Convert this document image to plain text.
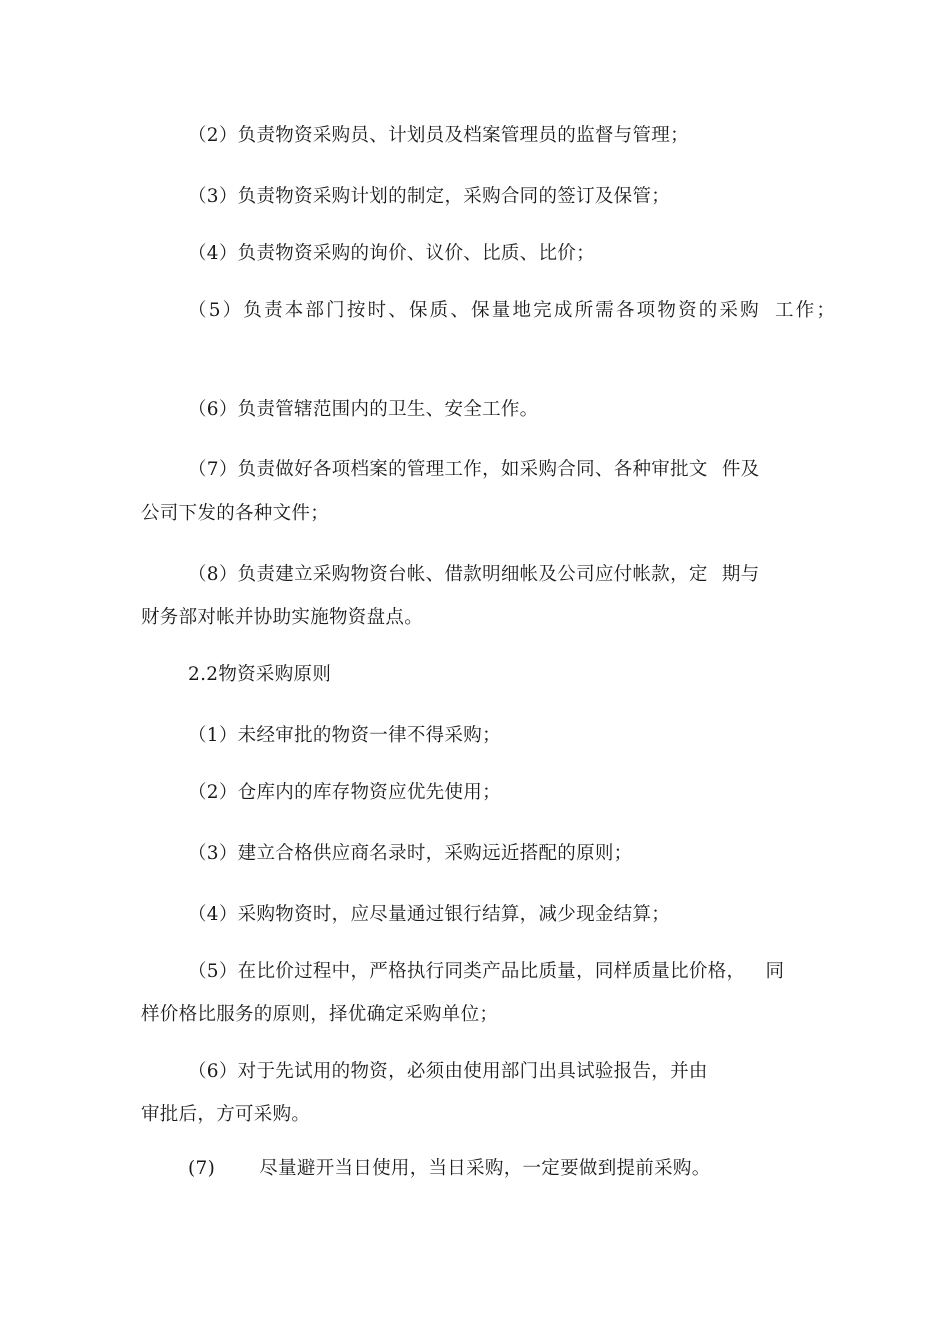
（2）负责物资采购员、计划员及档案管理员的监督与管理；
（3）负责物资采购计划的制定，采购合同的签订及保管；
（4）负责物资采购的询价、议价、比质、比价；
（5）负责本部门按时、保质、保量地完成所需各项物资的采购 工作；
（6）负责管辖范围内的卫生、安全工作。
（7）负责做好各项档案的管理工作，如采购合同、各种审批文 件及
公司下发的各种文件；
（8）负责建立采购物资台帐、借款明细帐及公司应付帐款，定 期与
财务部对帐并协助实施物资盘点。
2.2物资采购原则
（1）未经审批的物资一律不得采购；
（2）仓库内的库存物资应优先使用；
（3）建立合格供应商名录时，采购远近搭配的原则；
（4）采购物资时，应尽量通过银行结算，减少现金结算；
（5）在比价过程中，严格执行同类产品比质量，同样质量比价格， 同
样价格比服务的原则，择优确定采购单位；
（6）对于先试用的物资，必须由使用部门出具试验报告，并由
审批后，方可采购。
(7) 尽量避开当日使用，当日采购，一定要做到提前采购。
